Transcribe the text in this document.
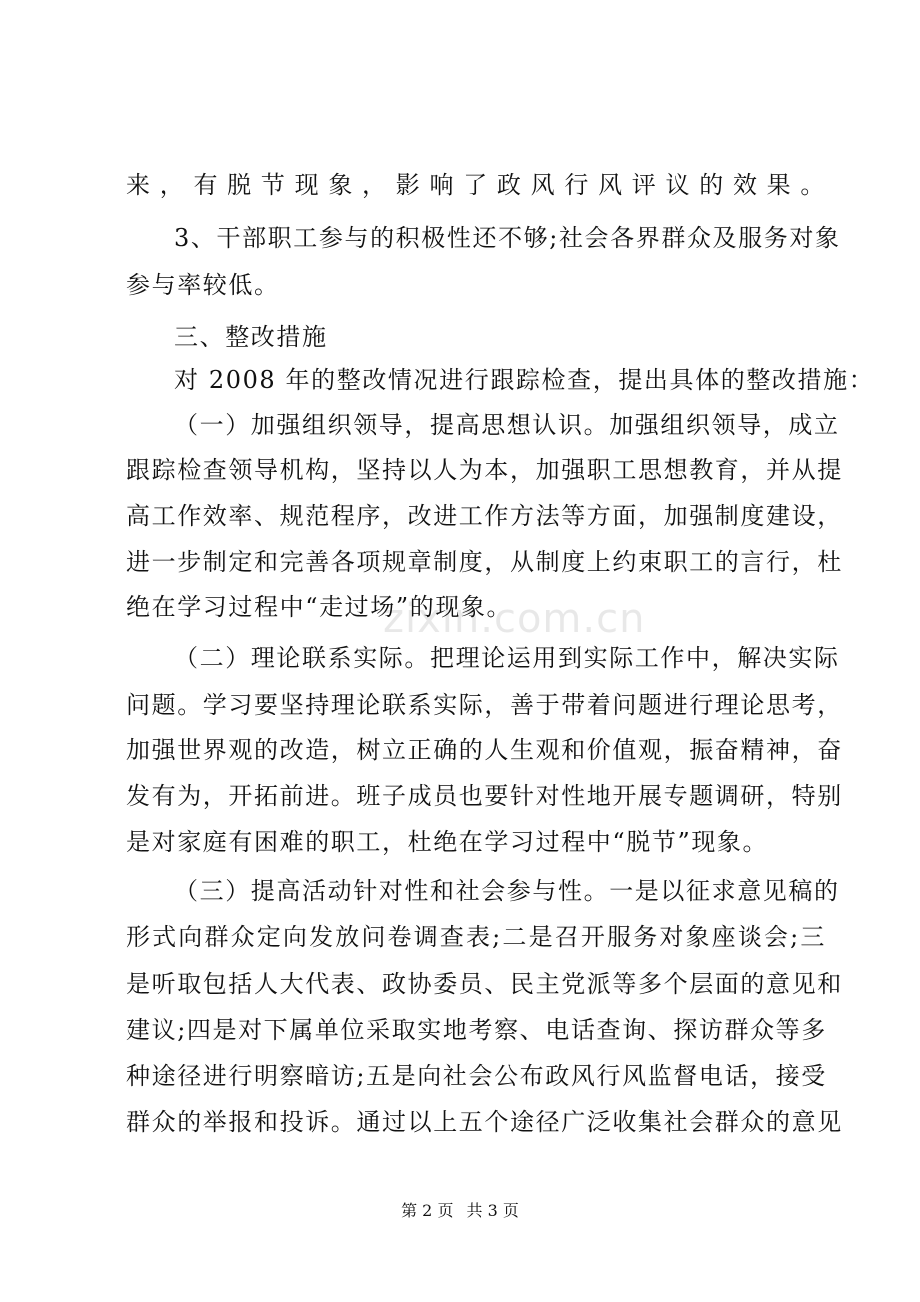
来，有脱节现象，影响了政风行风评议的效果。
3、干部职工参与的积极性还不够;社会各界群众及服务对象
参与率较低。
三、整改措施
对 2008 年的整改情况进行跟踪检查，提出具体的整改措施：
（一）加强组织领导，提高思想认识。加强组织领导，成立
跟踪检查领导机构，坚持以人为本，加强职工思想教育，并从提
高工作效率、规范程序，改进工作方法等方面，加强制度建设，
进一步制定和完善各项规章制度，从制度上约束职工的言行，杜
绝在学习过程中“走过场”的现象。
（二）理论联系实际。把理论运用到实际工作中，解决实际
问题。学习要坚持理论联系实际，善于带着问题进行理论思考，
加强世界观的改造，树立正确的人生观和价值观，振奋精神，奋
发有为，开拓前进。班子成员也要针对性地开展专题调研，特别
是对家庭有困难的职工，杜绝在学习过程中“脱节”现象。
（三）提高活动针对性和社会参与性。一是以征求意见稿的
形式向群众定向发放问卷调查表;二是召开服务对象座谈会;三
是听取包括人大代表、政协委员、民主党派等多个层面的意见和
建议;四是对下属单位采取实地考察、电话查询、探访群众等多
种途径进行明察暗访;五是向社会公布政风行风监督电话，接受
群众的举报和投诉。通过以上五个途径广泛收集社会群众的意见
zixin.com.cn
第 2 页 共 3 页
